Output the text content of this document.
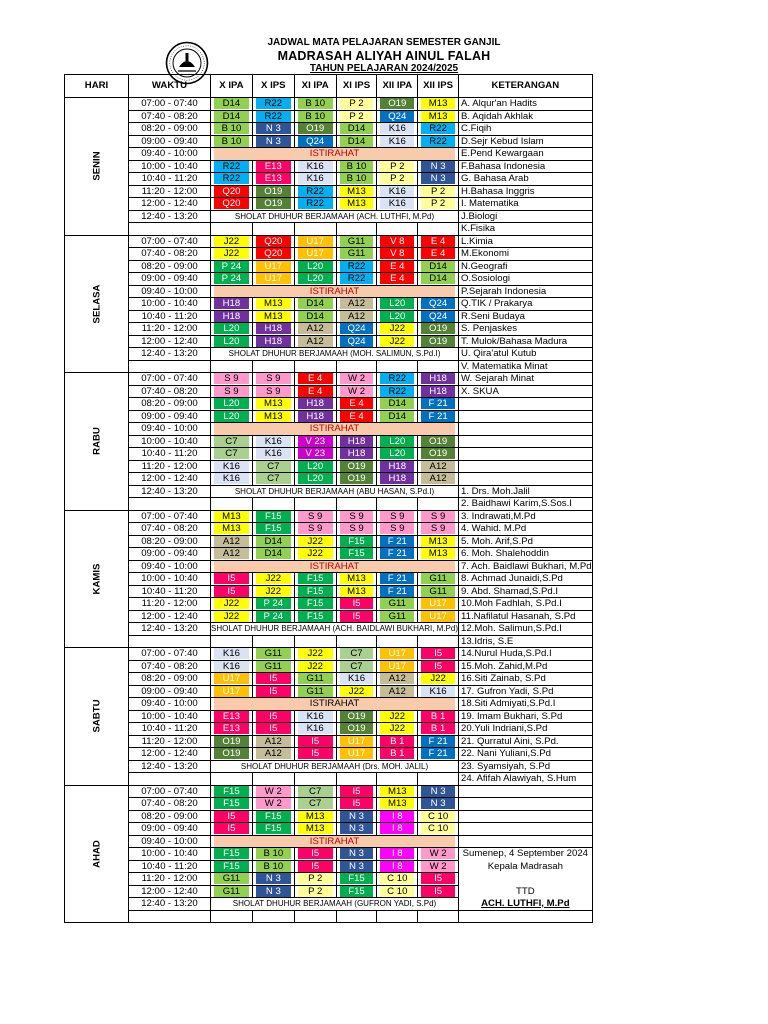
JADWAL MATA PELAJARAN SEMESTER GANJIL
MADRASAH ALIYAH AINUL FALAH
TAHUN PELAJARAN 2024/2025
HARI	WAKTU	X IPA	X IPS	XI IPA	XI IPS	XII IPA	XII IPS	KETERANGAN

SENIN	07:00 - 07:40	D14	R22	B 10	P 2	O19	M13	A. Alqur'an Hadits
	07:40 - 08:20	D14	R22	B 10	P 2	Q24	M13	B. Aqidah Akhlak
	08:20 - 09:00	B 10	N 3	O19	D14	K16	R22	C.Fiqih
	09:00 - 09:40	B 10	N 3	Q24	D14	K16	R22	D.Sejr Kebud Islam
	09:40 - 10:00	ISTIRAHAT						E.Pend Kewargaan
	10:00 - 10:40	R22	E13	K16	B 10	P 2	N 3	F.Bahasa Indonesia
	10:40 - 11:20	R22	E13	K16	B 10	P 2	N 3	G. Bahasa Arab
	11:20 - 12:00	Q20	O19	R22	M13	K16	P 2	H.Bahasa Inggris
	12:00 - 12:40	Q20	O19	R22	M13	K16	P 2	I. Matematika
	12:40 - 13:20	SHOLAT DHUHUR BERJAMAAH (ACH. LUTHFI, M.Pd)						J.Biologi
								K.Fisika

SELASA	07:00 - 07:40	J22	Q20	U17	G11	V 8	E 4	L.Kimia
	07:40 - 08:20	J22	Q20	U17	G11	V 8	E 4	M.Ekonomi
	08:20 - 09:00	P 24	U17	L20	R22	E 4	D14	N.Geografi
	09:00 - 09:40	P 24	U17	L20	R22	E 4	D14	O.Sosiologi
	09:40 - 10:00	ISTIRAHAT						P.Sejarah Indonesia
	10:00 - 10:40	H18	M13	D14	A12	L20	Q24	Q.TIK / Prakarya
	10:40 - 11:20	H18	M13	D14	A12	L20	Q24	R.Seni Budaya
	11:20 - 12:00	L20	H18	A12	Q24	J22	O19	S. Penjaskes
	12:00 - 12:40	L20	H18	A12	Q24	J22	O19	T. Mulok/Bahasa Madura
	12:40 - 13:20	SHOLAT DHUHUR BERJAMAAH (MOH. SALIMUN, S.Pd.I)						U. Qira'atul Kutub
								V. Matematika Minat

RABU	07:00 - 07:40	S 9	S 9	E 4	W 2	R22	H18	W. Sejarah Minat
	07:40 - 08:20	S 9	S 9	E 4	W 2	R22	H18	X. SKUA
	08:20 - 09:00	L20	M13	H18	E 4	D14	F 21	

	09:00 - 09:40	L20	M13	H18	E 4	D14	F 21	

	09:40 - 10:00	ISTIRAHAT						

	10:00 - 10:40	C7	K16	V 23	H18	L20	O19	

	10:40 - 11:20	C7	K16	V 23	H18	L20	O19	

	11:20 - 12:00	K16	C7	L20	O19	H18	A12	

	12:00 - 12:40	K16	C7	L20	O19	H18	A12	

	12:40 - 13:20	SHOLAT DHUHUR BERJAMAAH (ABU HASAN, S.Pd.I)						1. Drs. Moh.Jalil
								2. Baidhawi Karim,S.Sos.I

KAMIS	07:00 - 07:40	M13	F15	S 9	S 9	S 9	S 9	3. Indrawati,M.Pd
	07:40 - 08:20	M13	F15	S 9	S 9	S 9	S 9	4. Wahid. M.Pd
	08:20 - 09:00	A12	D14	J22	F15	F 21	M13	5. Moh. Arif,S.Pd
	09:00 - 09:40	A12	D14	J22	F15	F 21	M13	6. Moh. Shalehoddin
	09:40 - 10:00	ISTIRAHAT						7. Ach. Baidlawi Bukhari, M.Pd
	10:00 - 10:40	I5	J22	F15	M13	F 21	G11	8. Achmad Junaidi,S.Pd
	10:40 - 11:20	I5	J22	F15	M13	F 21	G11	9. Abd. Shamad,S.Pd.I
	11:20 - 12:00	J22	P 24	F15	I5	G11	U17	10.Moh Fadhlah, S.Pd.I
	12:00 - 12:40	J22	P 24	F15	I5	G11	U17	11.Nafilatul Hasanah, S.Pd
	12:40 - 13:20	SHOLAT DHUHUR BERJAMAAH (ACH. BAIDLAWI BUKHARI, M.Pd)						12.Moh. Salimun,S.Pd.I
								13.Idris, S.E

SABTU	07:00 - 07:40	K16	G11	J22	C7	U17	I5	14.Nurul Huda,S.Pd.I
	07:40 - 08:20	K16	G11	J22	C7	U17	I5	15.Moh. Zahid,M.Pd
	08:20 - 09:00	U17	I5	G11	K16	A12	J22	16.Siti Zainab, S.Pd
	09:00 - 09:40	U17	I5	G11	J22	A12	K16	17. Gufron Yadi, S.Pd
	09:40 - 10:00	ISTIRAHAT						18.Siti Admiyati,S.Pd.I
	10:00 - 10:40	E13	I5	K16	O19	J22	B 1	19. Imam Bukhari, S.Pd
	10:40 - 11:20	E13	I5	K16	O19	J22	B 1	20.Yuli Indriani,S.Pd
	11:20 - 12:00	O19	A12	I5	U17	B 1	F 21	21. Qurratul Aini, S.Pd.
	12:00 - 12:40	O19	A12	I5	U17	B 1	F 21	22. Nani Yuliani,S.Pd
	12:40 - 13:20	SHOLAT DHUHUR BERJAMAAH (Drs. MOH. JALIL)						23. Syamsiyah, S.Pd
								24. Afifah Alawiyah, S.Hum

AHAD	07:00 - 07:40	F15	W 2	C7	I5	M13	N 3	

	07:40 - 08:20	F15	W 2	C7	I5	M13	N 3	

	08:20 - 09:00	I5	F15	M13	N 3	I 8	C 10	

	09:00 - 09:40	I5	F15	M13	N 3	I 8	C 10	

	09:40 - 10:00	ISTIRAHAT						

	10:00 - 10:40	F15	B 10	I5	N 3	I 8	W 2	Sumenep, 4 September 2024
	10:40 - 11:20	F15	B 10	I5	N 3	I 8	W 2	Kepala Madrasah
	11:20 - 12:00	G11	N 3	P 2	F15	C 10	I5	

	12:00 - 12:40	G11	N 3	P 2	F15	C 10	I5	TTD
	12:40 - 13:20	SHOLAT DHUHUR BERJAMAAH (GUFRON YADI, S.Pd)						ACH. LUTHFI, M.Pd
